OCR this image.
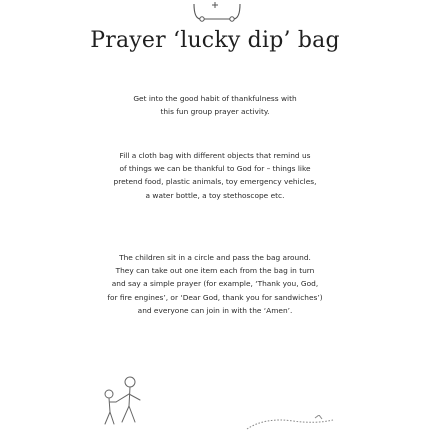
Prayer ‘lucky dip’ bag
Get into the good habit of thankfulness with
this fun group prayer activity.
Fill a cloth bag with different objects that remind us
of things we can be thankful to God for – things like
pretend food, plastic animals, toy emergency vehicles,
a water bottle, a toy stethoscope etc.
The children sit in a circle and pass the bag around.
They can take out one item each from the bag in turn
and say a simple prayer (for example, ‘Thank you, God,
for fire engines’, or ‘Dear God, thank you for sandwiches’)
and everyone can join in with the ‘Amen’.
